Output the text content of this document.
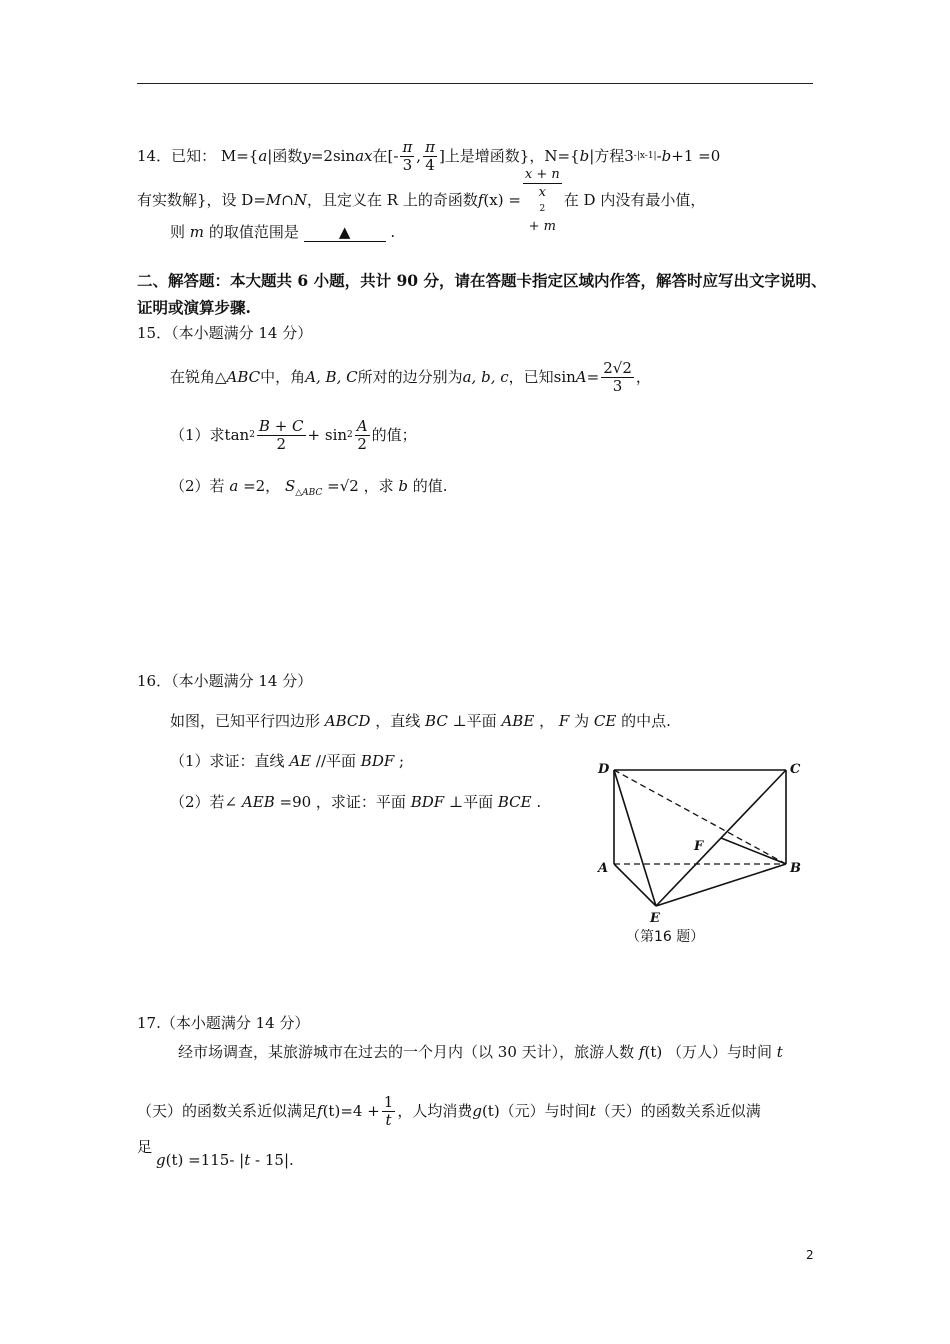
14．已知： M={ a |函数 y =2sin ax 在[- $\frac{\pi}{3}$ , $\frac{\pi}{4}$ ]上是增函数}，N={ b |方程3 -|x-1| - b +1 =0
有实数解}，设 D= M ∩ N ，且定义在 R 上的奇函数 f (x) = x + n
x
2
+ m 在 D 内没有最小值，
则 m 的取值范围是	▲	.
二、解答题：本大题共 6 小题，共计 90 分，请在答题卡指定区域内作答，解答时应写出文字说明、
证明或演算步骤.
15．（本小题满分 14 分）
在锐角△ ABC 中，角 A, B, C 所对的边分别为 a, b, c ，已知$\sin A = \frac{2√2}{3}$ ，
（1）求$\tan 2 \frac{B + C}{2} + \sin 2 \frac{A}{2}$ 的值；
（2）若 a =2， $S_{\triangle ABC} =√2$ ，求 b 的值.
16．（本小题满分 14 分）
如图，已知平行四边形 ABCD ，直线 BC ⊥平面 ABE ， F 为 CE 的中点.
（1）求证：直线 AE //平面 BDF ;
（2）若∠ AEB =90 ，求证：平面 BDF ⊥平面 BCE .
D	C
A	B
E
F
（第16 题）
17.（本小题满分 14 分）
经市场调查，某旅游城市在过去的一个月内（以 30 天计），旅游人数 f(t) （万人）与时间 t
（天）的函数关系近似满足 f $(t) =4 + \frac{1}{t}$ ，人均消费 g (t) （元）与时间 t （天）的函数关系近似满
足
g(t) =115- |t - 15|.
2
